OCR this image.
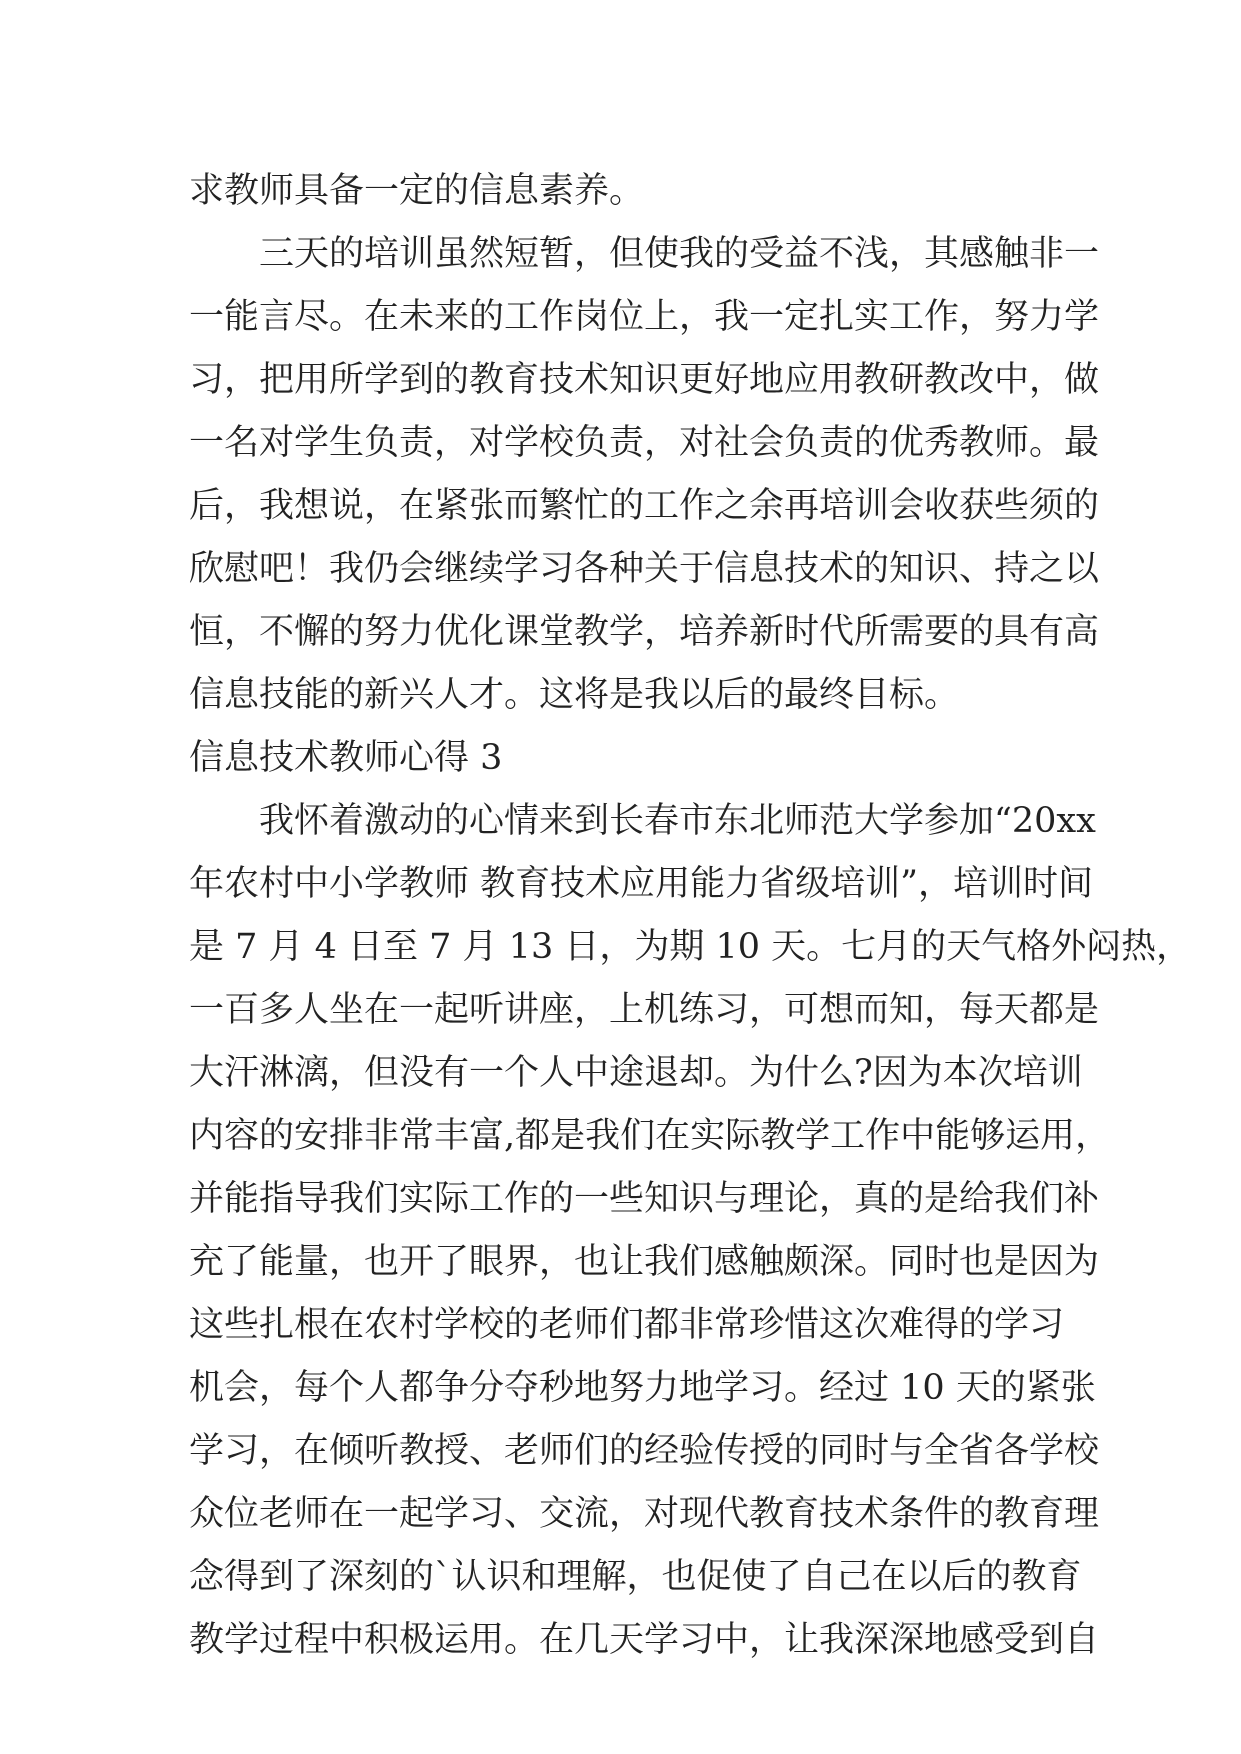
求教师具备一定的信息素养。
三天的培训虽然短暂，但使我的受益不浅，其感触非一
一能言尽。在未来的工作岗位上，我一定扎实工作，努力学
习，把用所学到的教育技术知识更好地应用教研教改中，做
一名对学生负责，对学校负责，对社会负责的优秀教师。最
后，我想说，在紧张而繁忙的工作之余再培训会收获些须的
欣慰吧！我仍会继续学习各种关于信息技术的知识、持之以
恒，不懈的努力优化课堂教学，培养新时代所需要的具有高
信息技能的新兴人才。这将是我以后的最终目标。
信息技术教师心得 3
我怀着激动的心情来到长春市东北师范大学参加“20xx
年农村中小学教师 教育技术应用能力省级培训”，培训时间
是 7 月 4 日至 7 月 13 日，为期 10 天。七月的天气格外闷热，
一百多人坐在一起听讲座，上机练习，可想而知，每天都是
大汗淋漓，但没有一个人中途退却。为什么?因为本次培训
内容的安排非常丰富,都是我们在实际教学工作中能够运用，
并能指导我们实际工作的一些知识与理论，真的是给我们补
充了能量，也开了眼界，也让我们感触颇深。同时也是因为
这些扎根在农村学校的老师们都非常珍惜这次难得的学习
机会，每个人都争分夺秒地努力地学习。经过 10 天的紧张
学习，在倾听教授、老师们的经验传授的同时与全省各学校
众位老师在一起学习、交流，对现代教育技术条件的教育理
念得到了深刻的`认识和理解，也促使了自己在以后的教育
教学过程中积极运用。在几天学习中，让我深深地感受到自
